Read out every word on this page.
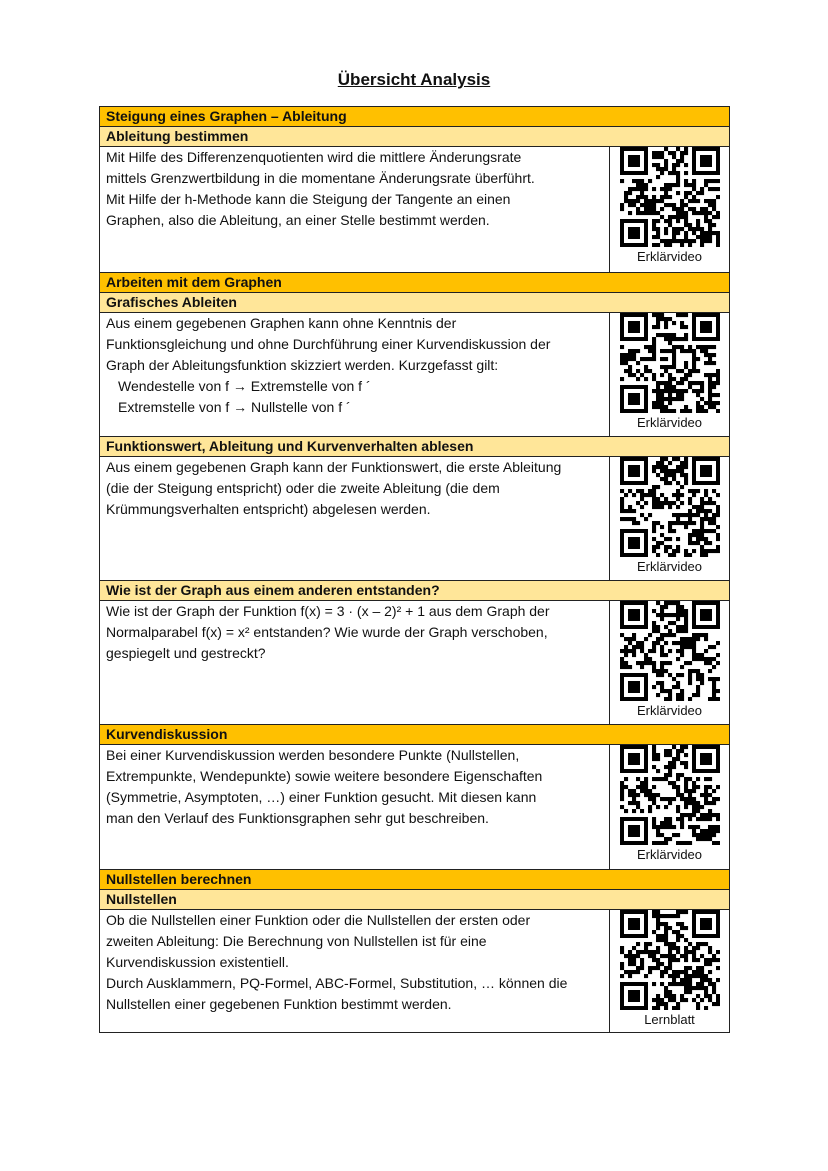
Übersicht Analysis
Steigung eines Graphen – Ableitung	
Ableitung bestimmen	

Mit Hilfe des Differenzenquotienten wird die mittlere Änderungsrate
mittels Grenzwertbildung in die momentane Änderungsrate überführt.
Mit Hilfe der h-Methode kann die Steigung der Tangente an einen
Graphen, also die Ableitung, an einer Stelle bestimmt werden.	Erklärvideo

Arbeiten mit dem Graphen	
Grafisches Ableiten	

Aus einem gegebenen Graphen kann ohne Kenntnis der
Funktionsgleichung und ohne Durchführung einer Kurvendiskussion der
Graph der Ableitungsfunktion skizziert werden. Kurzgefasst gilt:
Wendestelle von f → Extremstelle von f ´
Extremstelle von f → Nullstelle von f ´	Erklärvideo

Funktionswert, Ableitung und Kurvenverhalten ablesen	

Aus einem gegebenen Graph kann der Funktionswert, die erste Ableitung
(die der Steigung entspricht) oder die zweite Ableitung (die dem
Krümmungsverhalten entspricht) abgelesen werden.	Erklärvideo

Wie ist der Graph aus einem anderen entstanden?	

Wie ist der Graph der Funktion f(x) = 3 · (x – 2)² + 1 aus dem Graph der
Normalparabel f(x) = x² entstanden? Wie wurde der Graph verschoben,
gespiegelt und gestreckt?	Erklärvideo

Kurvendiskussion	

Bei einer Kurvendiskussion werden besondere Punkte (Nullstellen,
Extrempunkte, Wendepunkte) sowie weitere besondere Eigenschaften
(Symmetrie, Asymptoten, …) einer Funktion gesucht. Mit diesen kann
man den Verlauf des Funktionsgraphen sehr gut beschreiben.	Erklärvideo

Nullstellen berechnen	
Nullstellen	

Ob die Nullstellen einer Funktion oder die Nullstellen der ersten oder
zweiten Ableitung: Die Berechnung von Nullstellen ist für eine
Kurvendiskussion existentiell.
Durch Ausklammern, PQ-Formel, ABC-Formel, Substitution, … können die
Nullstellen einer gegebenen Funktion bestimmt werden.	Lernblatt
